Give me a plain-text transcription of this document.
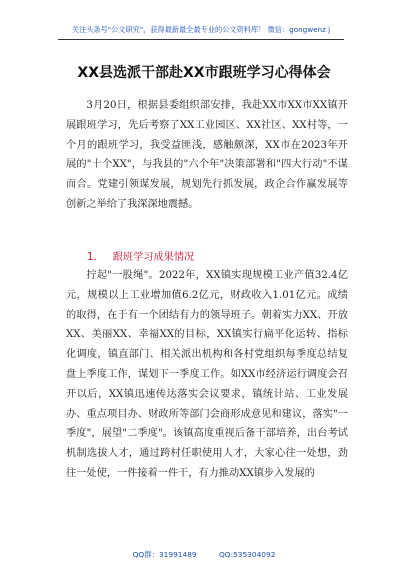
关注头条号"公文研究"，获得最新最全最专业的公文资料库！ 微信：gongwenz j
XX县选派干部赴XX市跟班学习心得体会
3月20日，根据县委组织部安排，我赴XX市XX市XX镇开展跟班学习，先后考察了XX工业园区、XX社区、XX村等，一个月的跟班学习，我受益匪浅，感触颇深，XX市在2023年开展的"十个XX"，与我县的"六个年"决策部署和"四大行动"不谋而合。党建引领谋发展，规划先行抓发展，政企合作赢发展等创新之举给了我深深地震撼。
1. 跟班学习成果情况
拧起"一股绳"。2022年，XX镇实现规模工业产值32.4亿元，规模以上工业增加值6.2亿元，财政收入1.01亿元。成绩的取得，在于有一个团结有力的领导班子。朝着实力XX、开放XX、美丽XX、幸福XX的目标，XX镇实行扁平化运转、指标化调度，镇直部门、相关派出机构和各村党组织每季度总结复盘上季度工作，谋划下一季度工作。如XX市经济运行调度会召开以后，XX镇迅速传达落实会议要求，镇统计站、工业发展办、重点项目办、财政所等部门会商形成意见和建议，落实"一季度"，展望"二季度"。该镇高度重视后备干部培养，出台考试机制选拔人才，通过跨村任职使用人才，大家心往一处想，劲往一处使，一件接着一件干，有力推动XX镇步入发展的
QQ群：31991489	QQ:535304092
